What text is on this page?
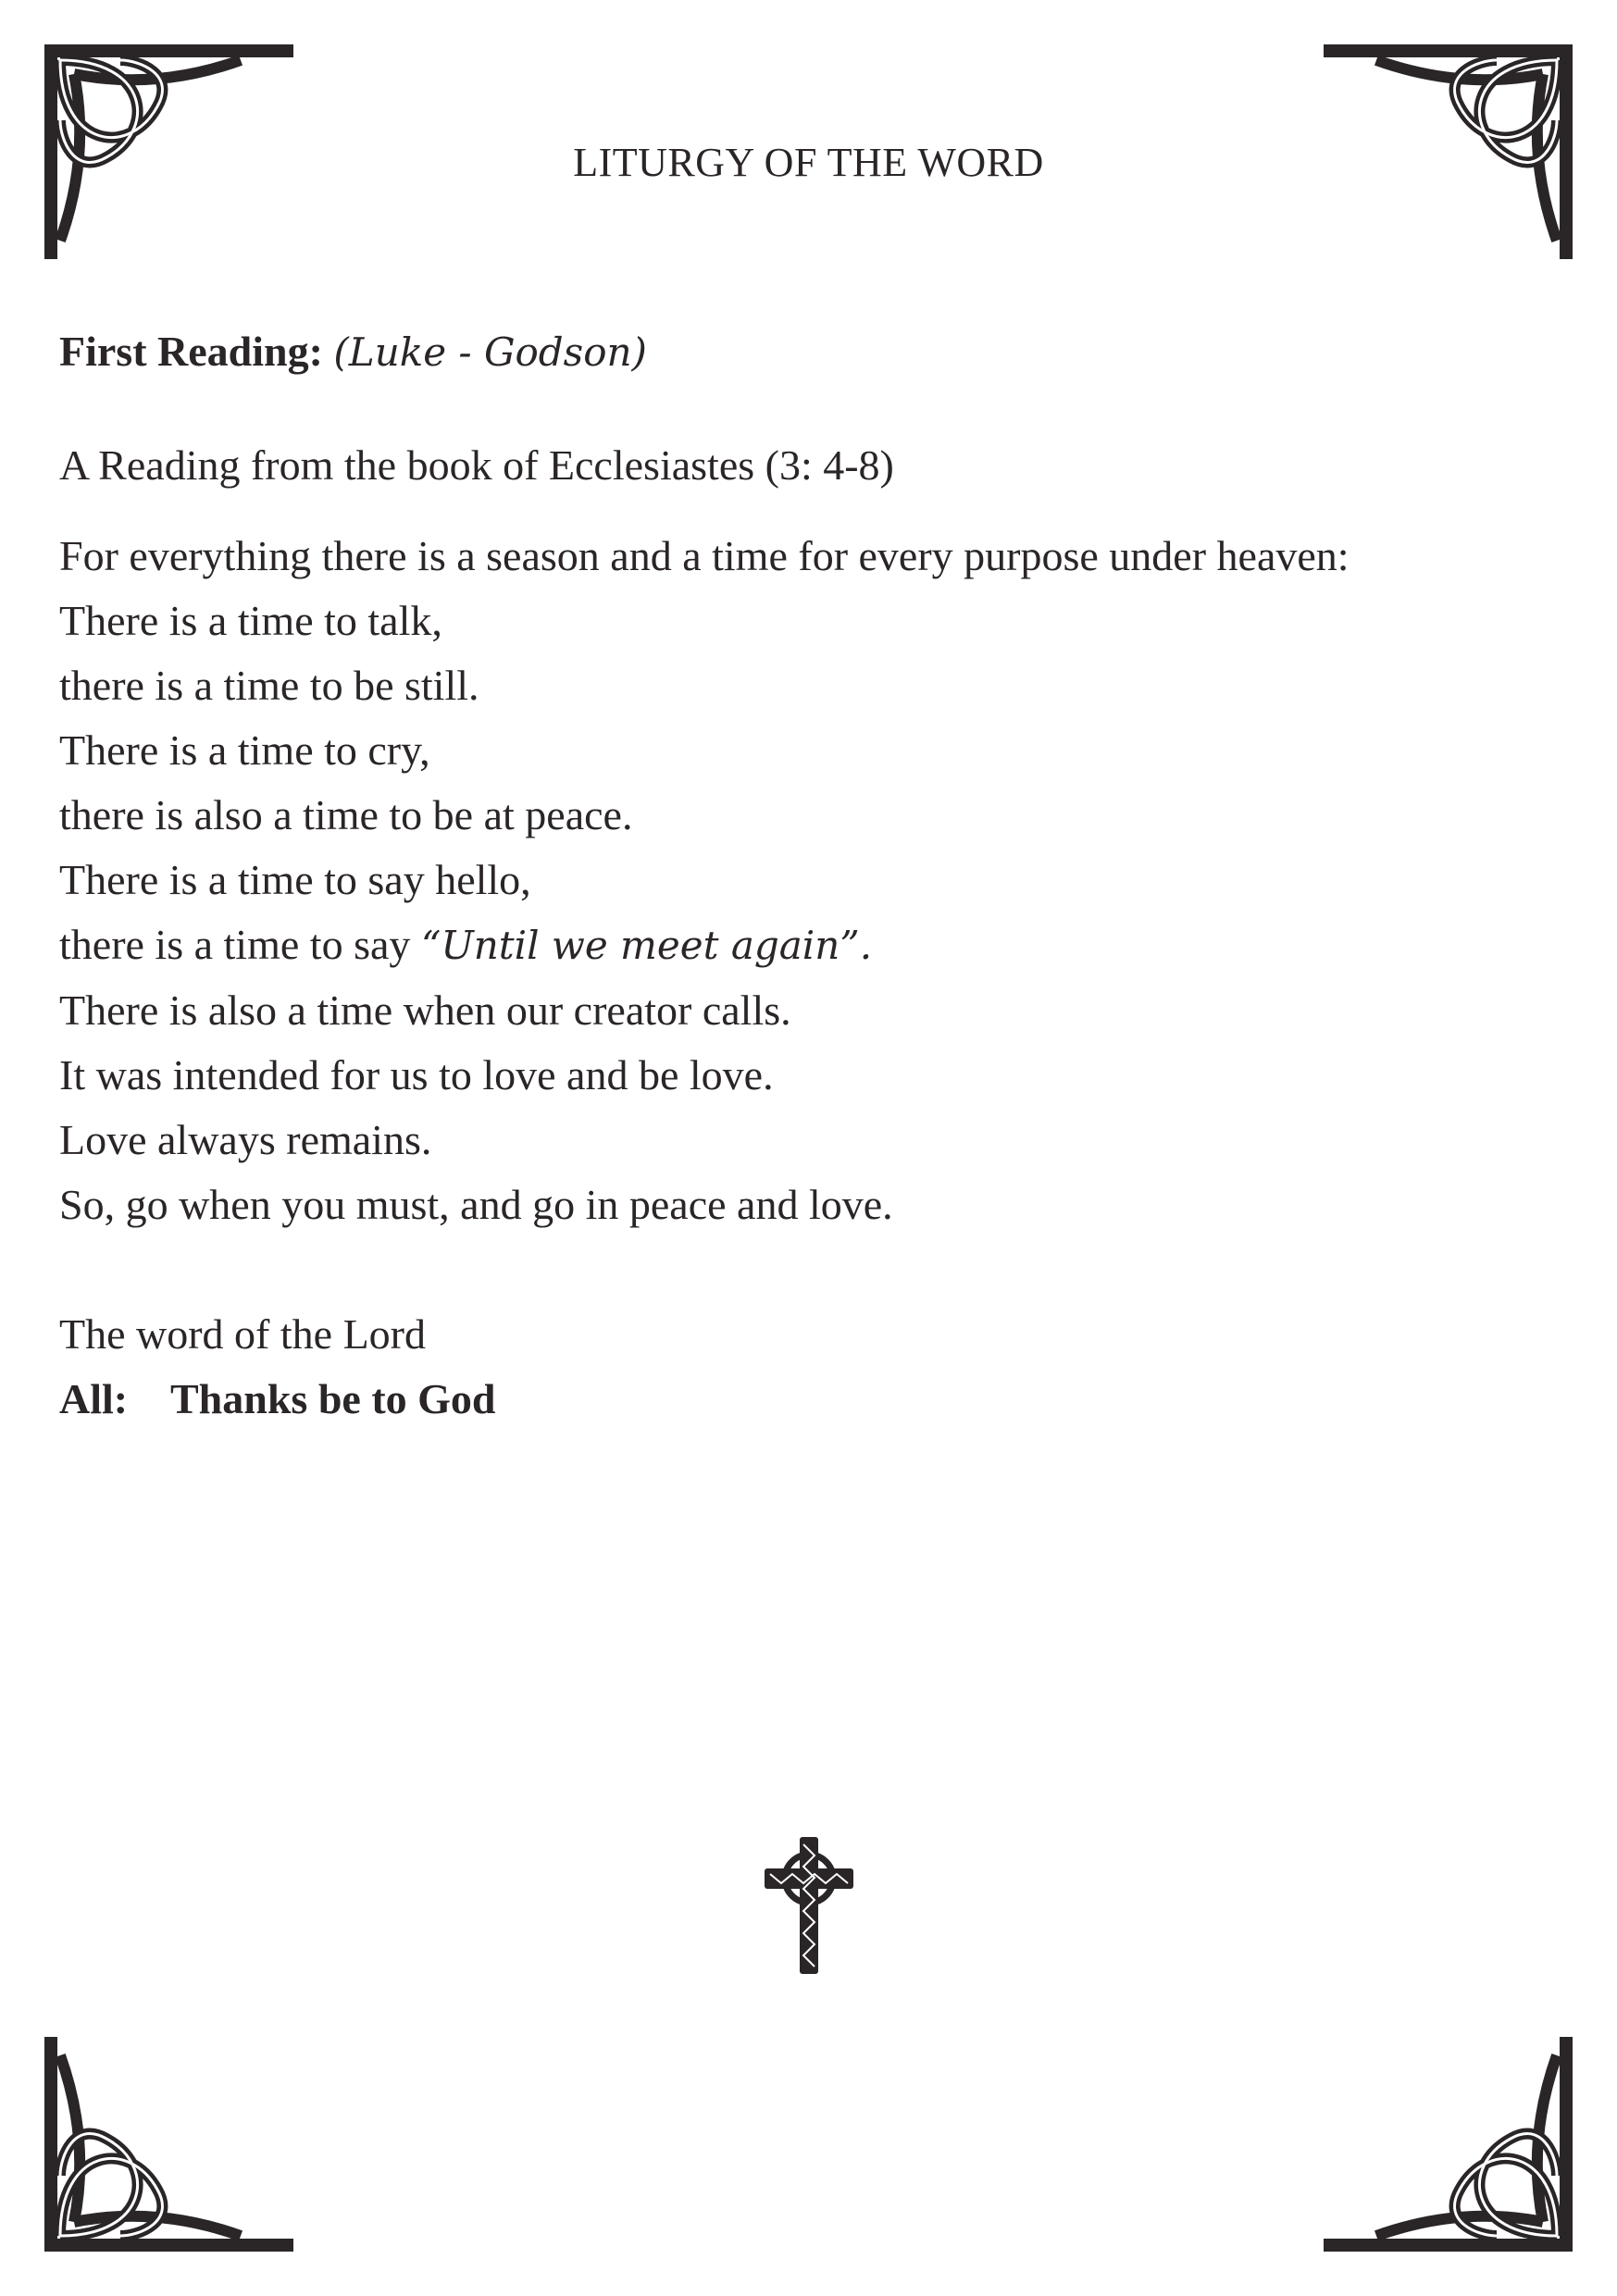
LITURGY OF THE WORD

First Reading: (Luke - Godson)

A Reading from the book of Ecclesiastes (3: 4-8)

For everything there is a season and a time for every purpose under heaven:
There is a time to talk,
there is a time to be still.
There is a time to cry,
there is also a time to be at peace.
There is a time to say hello,
there is a time to say “Until we meet again”.
There is also a time when our creator calls.
It was intended for us to love and be love.
Love always remains.
So, go when you must, and go in peace and love.
The word of the Lord
All: Thanks be to God
